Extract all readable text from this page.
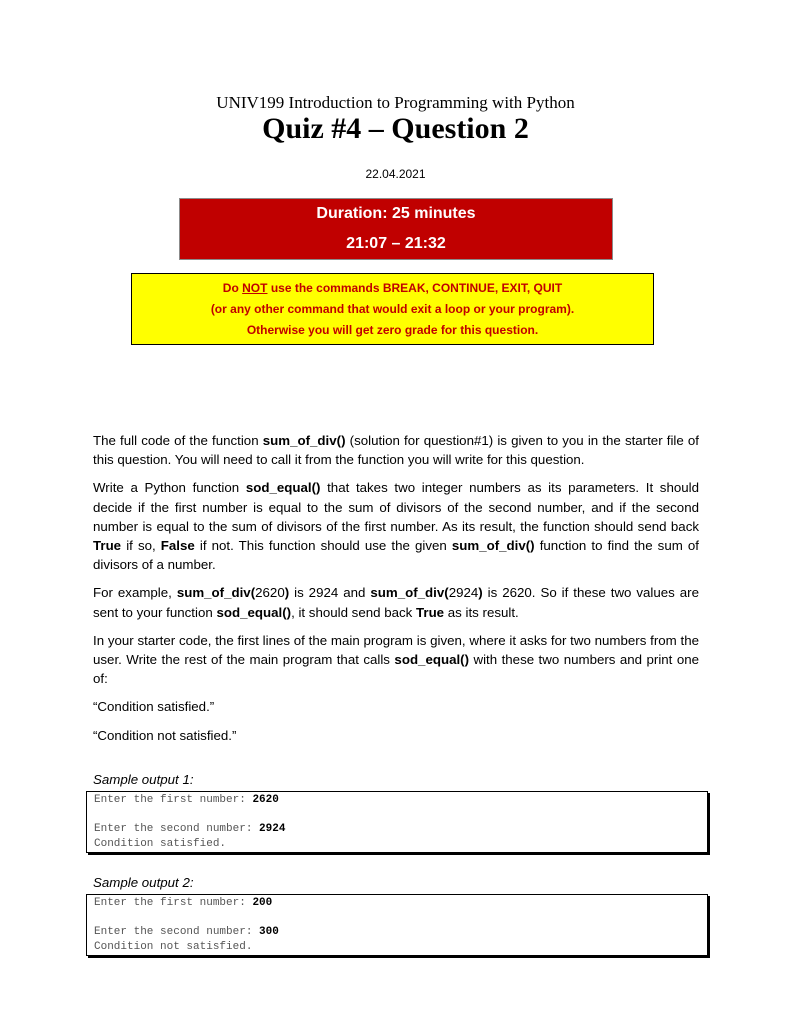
UNIV199 Introduction to Programming with Python
Quiz #4 – Question 2
22.04.2021
Duration: 25 minutes
21:07 – 21:32
Do NOT use the commands BREAK, CONTINUE, EXIT, QUIT
(or any other command that would exit a loop or your program).
Otherwise you will get zero grade for this question.

The full code of the function sum_of_div() (solution for question#1) is given to you in the starter file of this question. You will need to call it from the function you will write for this question.

Write a Python function sod_equal() that takes two integer numbers as its parameters. It should decide if the first number is equal to the sum of divisors of the second number, and if the second number is equal to the sum of divisors of the first number. As its result, the function should send back True if so, False if not. This function should use the given sum_of_div() function to find the sum of divisors of a number.

For example, sum_of_div(2620) is 2924 and sum_of_div(2924) is 2620. So if these two values are sent to your function sod_equal(), it should send back True as its result.

In your starter code, the first lines of the main program is given, where it asks for two numbers from the user. Write the rest of the main program that calls sod_equal() with these two numbers and print one of:

“Condition satisfied.”

“Condition not satisfied.”

Sample output 1:
Enter the first number: 2620
Enter the second number: 2924
Condition satisfied.
Sample output 2:
Enter the first number: 200
Enter the second number: 300
Condition not satisfied.
